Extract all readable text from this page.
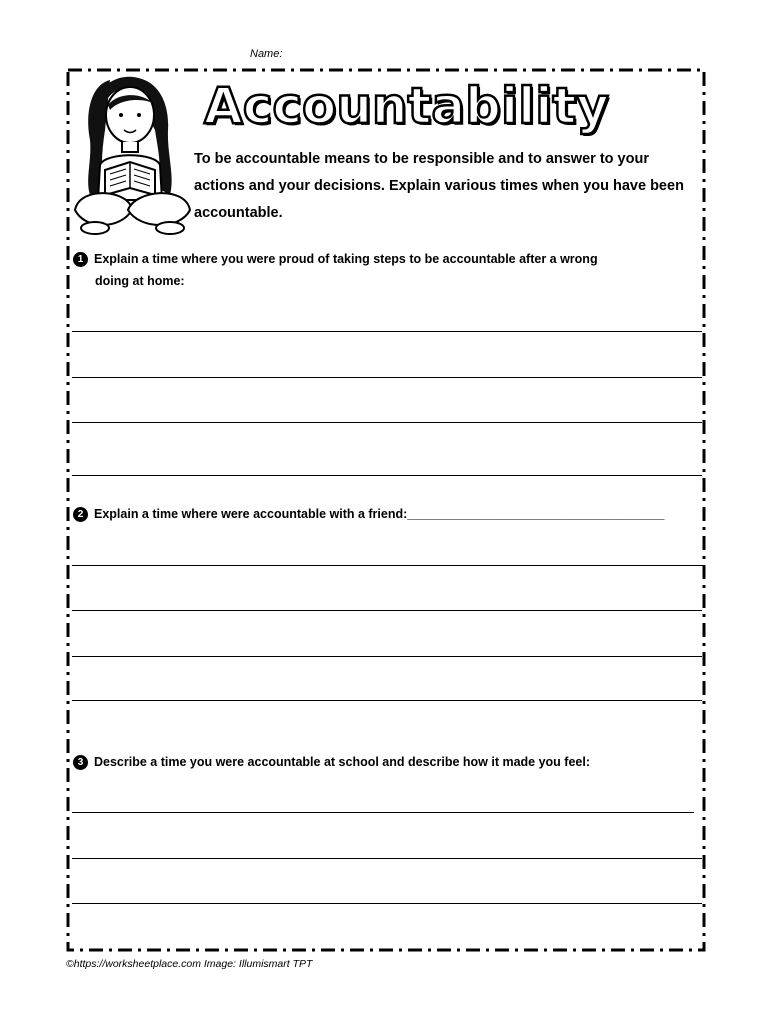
Name:
Accountability
To be accountable means to be responsible and to answer to your actions and your decisions. Explain various times when you have been accountable.
1 Explain a time where you were proud of taking steps to be accountable after a wrong
doing at home:
2 Explain a time where were accountable with a friend:_____________________________________
3 Describe a time you were accountable at school and describe how it made you feel:
©https://worksheetplace.com Image: Illumismart TPT
